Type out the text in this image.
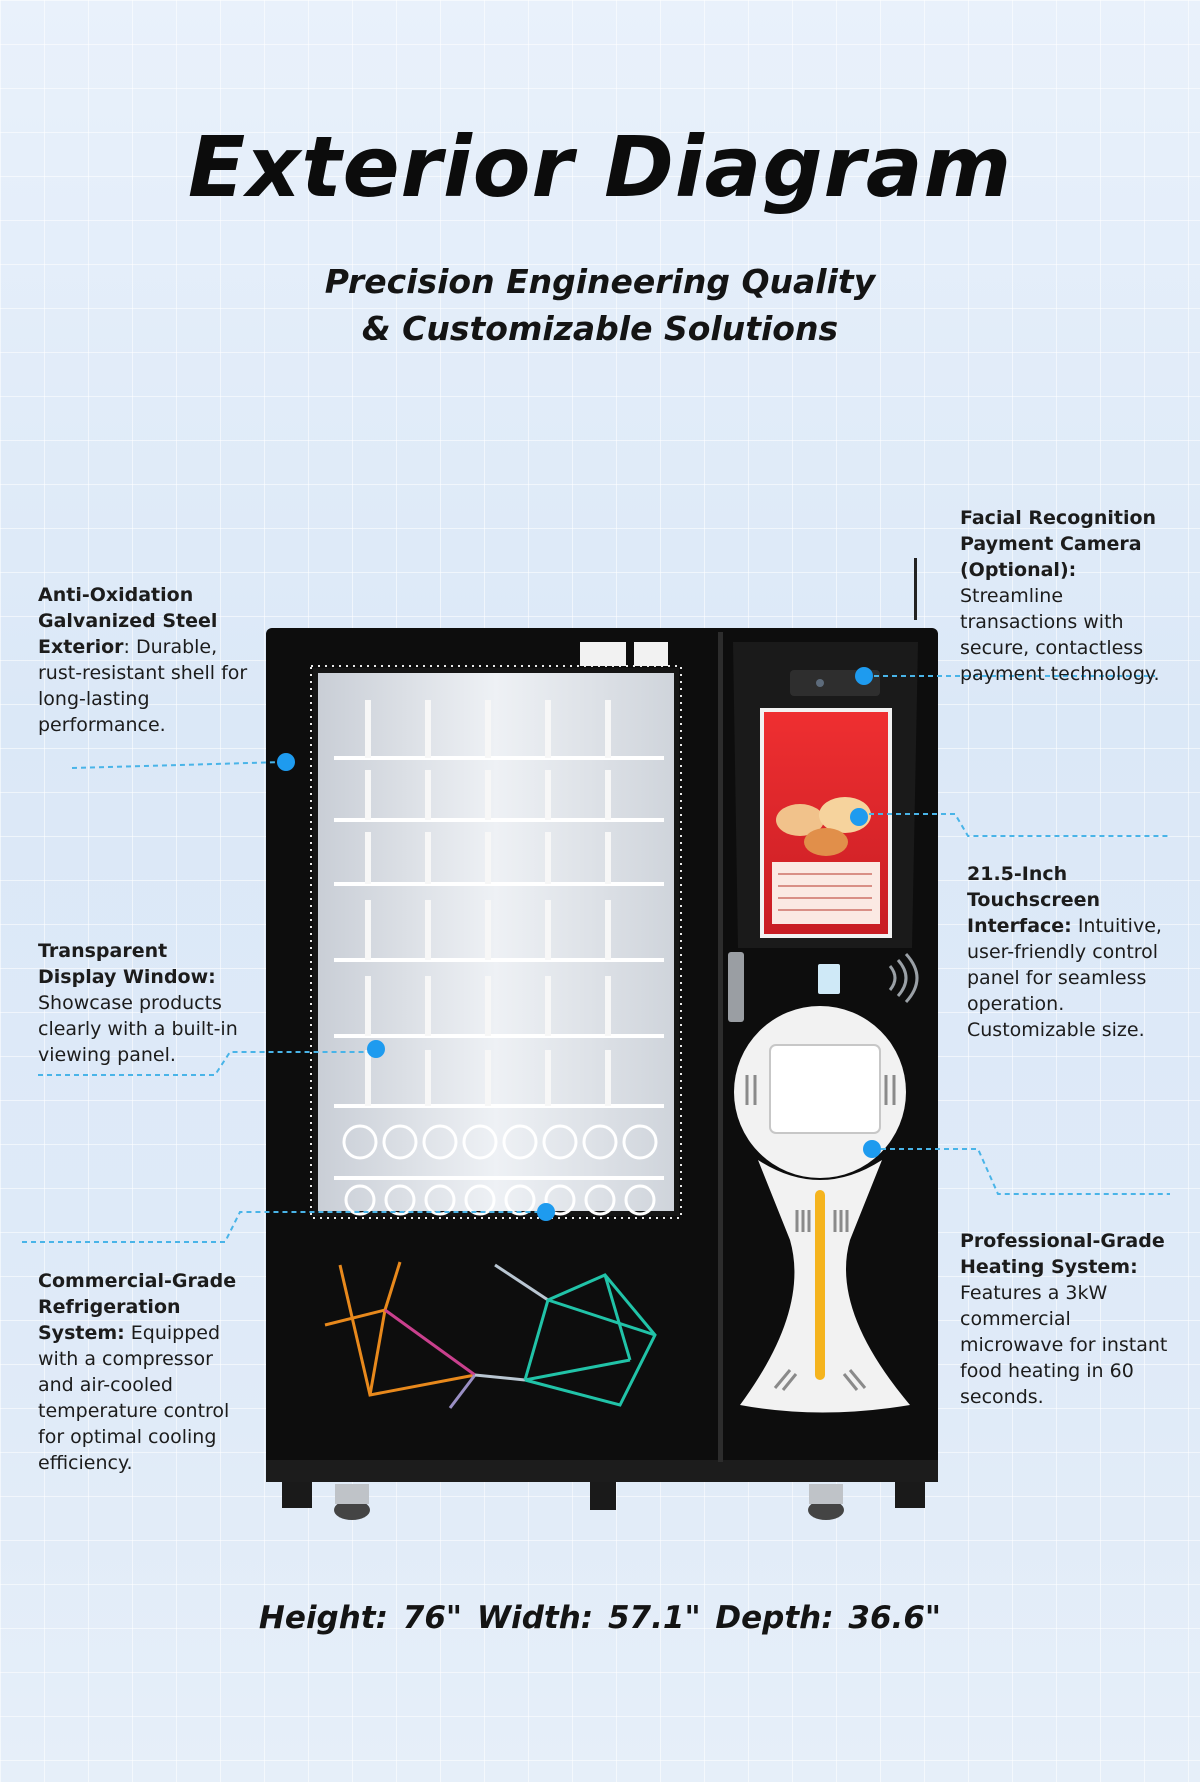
Exterior Diagram
Precision Engineering Quality
& Customizable Solutions
Anti-Oxidation Galvanized Steel Exterior: Durable, rust-resistant shell for long-lasting performance.
Transparent Display Window: Showcase products clearly with a built-in viewing panel.
Commercial-Grade Refrigeration System: Equipped with a compressor and air-cooled temperature control for optimal cooling efficiency.
Facial Recognition Payment Camera (Optional): Streamline transactions with secure, contactless payment technology.
21.5-Inch Touchscreen Interface: Intuitive, user-friendly control panel for seamless operation. Customizable size.
Professional-Grade Heating System: Features a 3kW commercial microwave for instant food heating in 60 seconds.
Height: 76" Width: 57.1" Depth: 36.6"
